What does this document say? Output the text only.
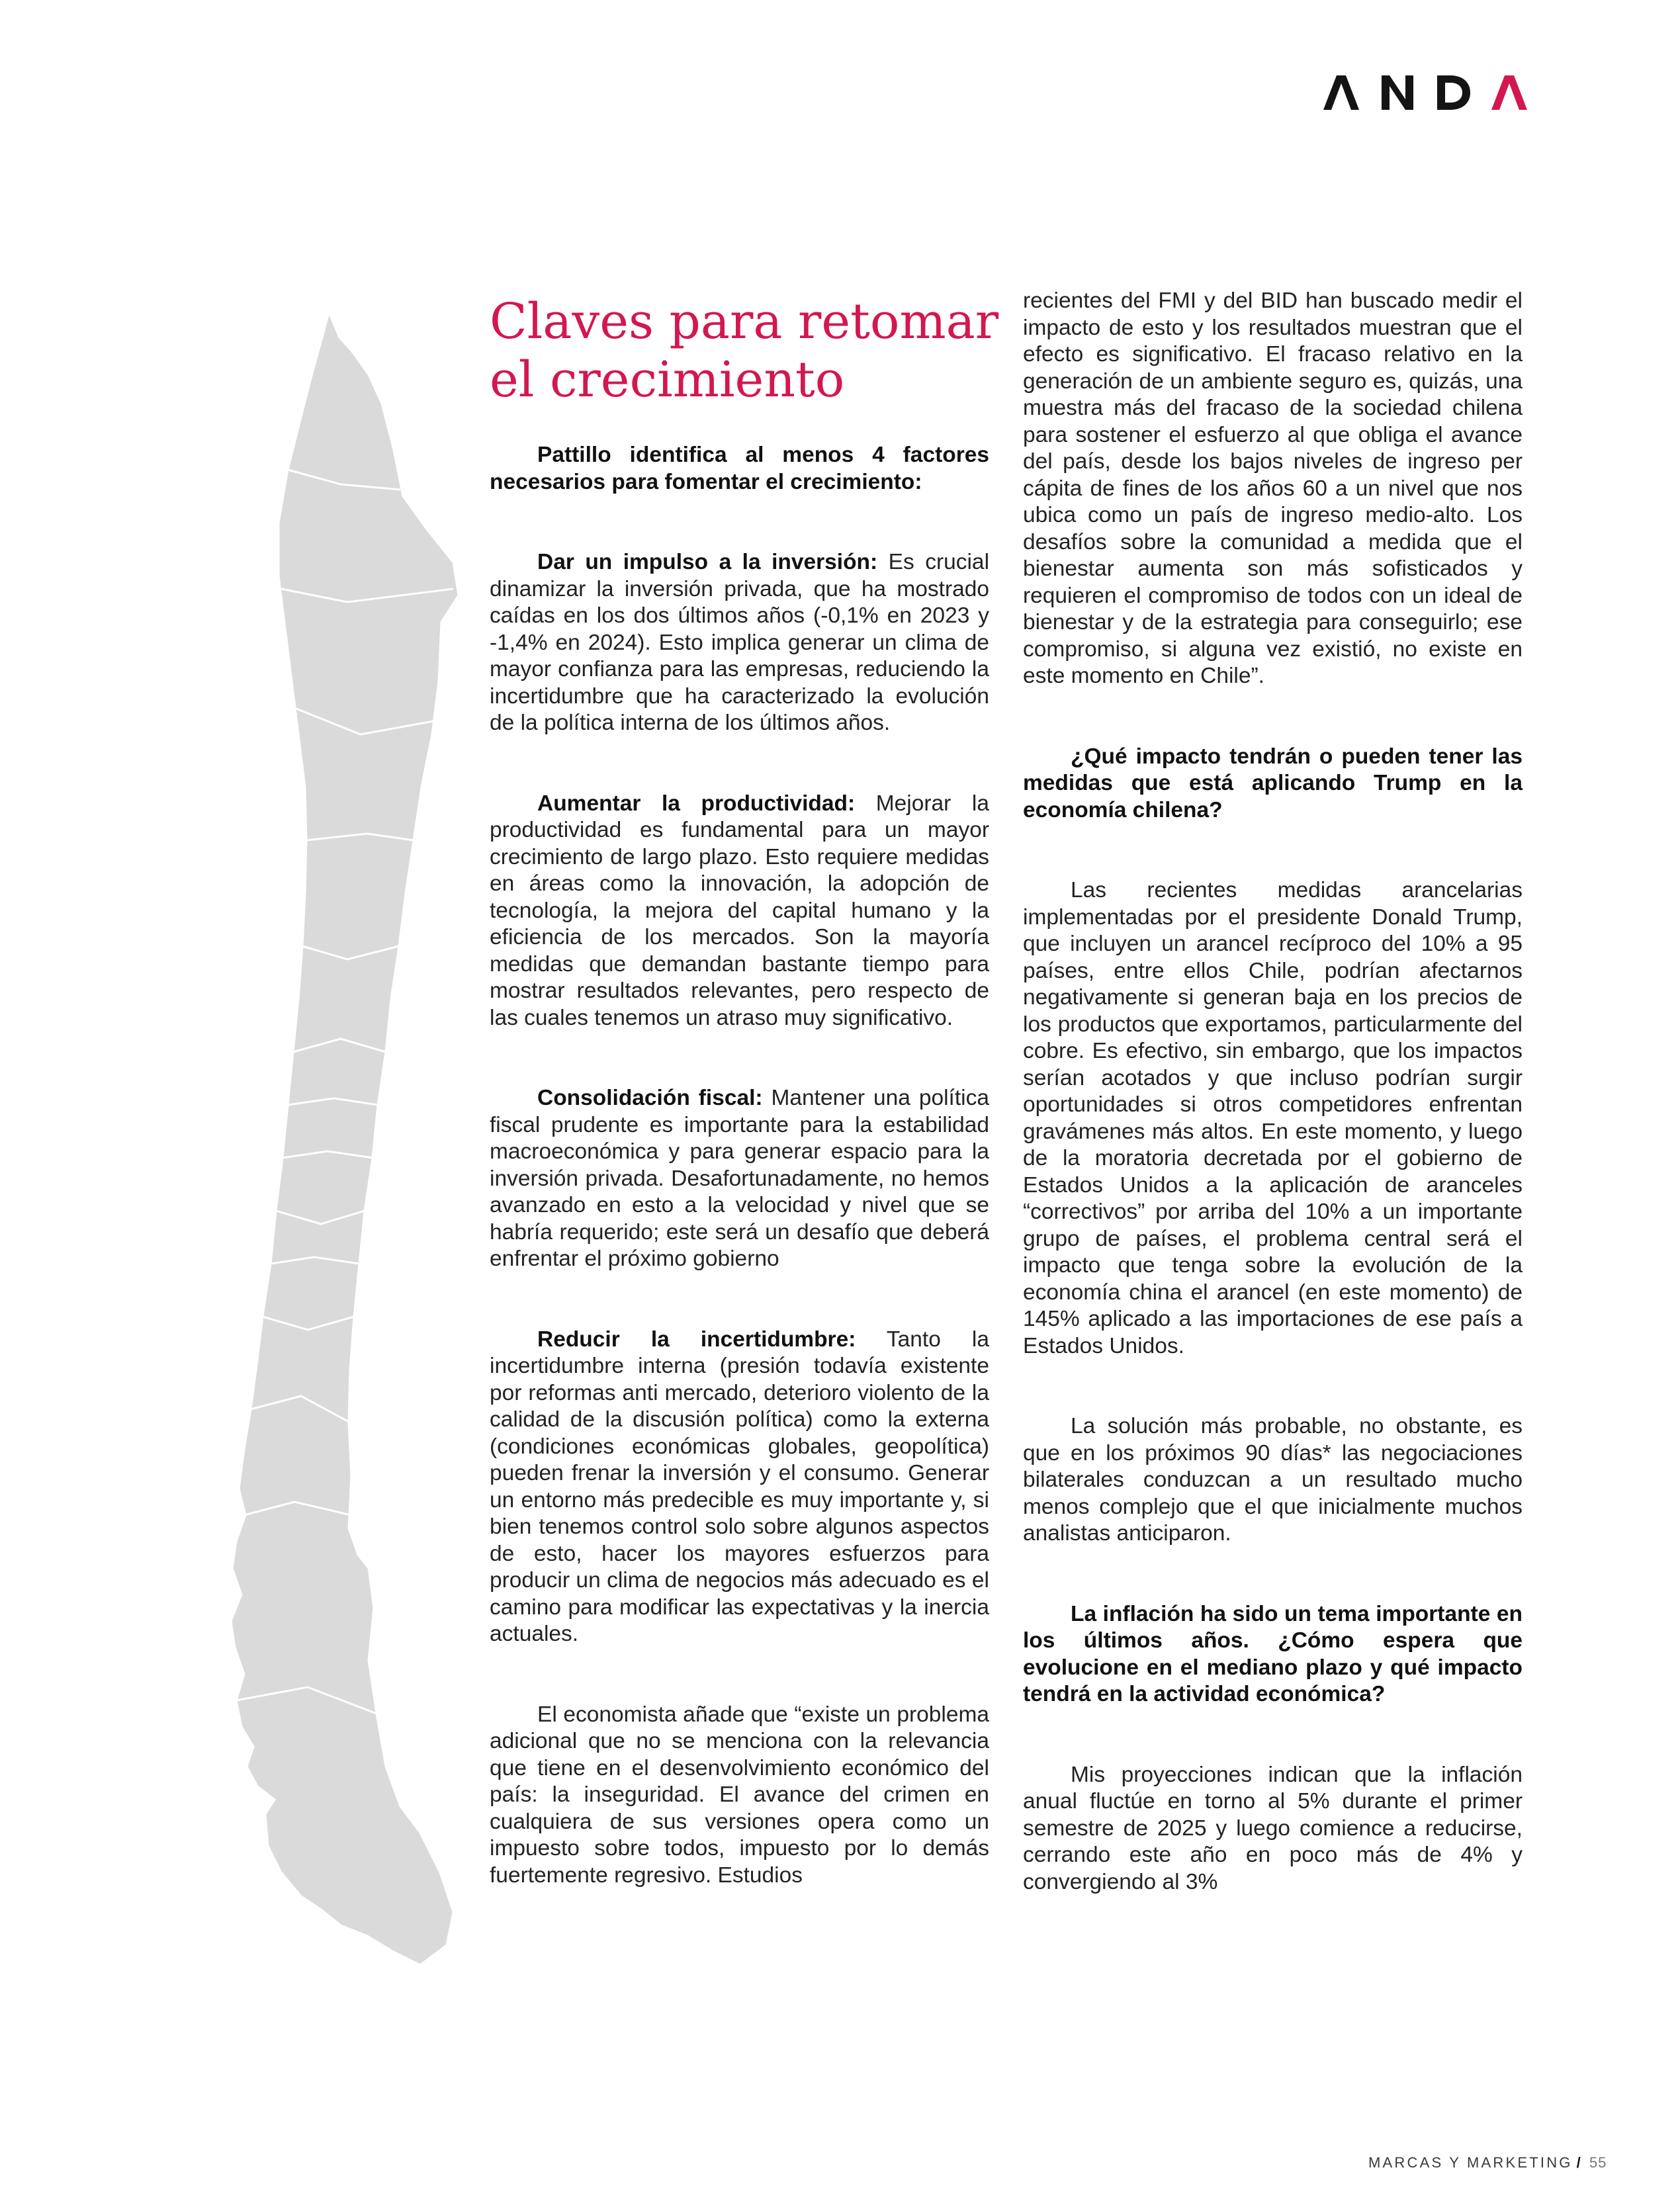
Claves para retomar el crecimiento

Pattillo identifica al menos 4 factores necesarios para fomentar el crecimiento:

Dar un impulso a la inversión: Es crucial dinamizar la inversión privada, que ha mostrado caídas en los dos últimos años (-0,1% en 2023 y -1,4% en 2024). Esto implica generar un clima de mayor confianza para las empresas, reduciendo la incertidumbre que ha caracterizado la evolución de la política interna de los últimos años.

Aumentar la productividad: Mejorar la productividad es fundamental para un mayor crecimiento de largo plazo. Esto requiere medidas en áreas como la innovación, la adopción de tecnología, la mejora del capital humano y la eficiencia de los mercados. Son la mayoría medidas que demandan bastante tiempo para mostrar resultados relevantes, pero respecto de las cuales tenemos un atraso muy significativo.

Consolidación fiscal: Mantener una política fiscal prudente es importante para la estabilidad macroeconómica y para generar espacio para la inversión privada. Desafortunadamente, no hemos avanzado en esto a la velocidad y nivel que se habría requerido; este será un desafío que deberá enfrentar el próximo gobierno

Reducir la incertidumbre: Tanto la incertidumbre interna (presión todavía existente por reformas anti mercado, deterioro violento de la calidad de la discusión política) como la externa (condiciones económicas globales, geopolítica) pueden frenar la inversión y el consumo. Generar un entorno más predecible es muy importante y, si bien tenemos control solo sobre algunos aspectos de esto, hacer los mayores esfuerzos para producir un clima de negocios más adecuado es el camino para modificar las expectativas y la inercia actuales.

El economista añade que “existe un problema adicional que no se menciona con la relevancia que tiene en el desenvolvimiento económico del país: la inseguridad. El avance del crimen en cualquiera de sus versiones opera como un impuesto sobre todos, impuesto por lo demás fuertemente regresivo. Estudios

recientes del FMI y del BID han buscado medir el impacto de esto y los resultados muestran que el efecto es significativo. El fracaso relativo en la generación de un ambiente seguro es, quizás, una muestra más del fracaso de la sociedad chilena para sostener el esfuerzo al que obliga el avance del país, desde los bajos niveles de ingreso per cápita de fines de los años 60 a un nivel que nos ubica como un país de ingreso medio-alto. Los desafíos sobre la comunidad a medida que el bienestar aumenta son más sofisticados y requieren el compromiso de todos con un ideal de bienestar y de la estrategia para conseguirlo; ese compromiso, si alguna vez existió, no existe en este momento en Chile”.

¿Qué impacto tendrán o pueden tener las medidas que está aplicando Trump en la economía chilena?

Las recientes medidas arancelarias implementadas por el presidente Donald Trump, que incluyen un arancel recíproco del 10% a 95 países, entre ellos Chile, podrían afectarnos negativamente si generan baja en los precios de los productos que exportamos, particularmente del cobre. Es efectivo, sin embargo, que los impactos serían acotados y que incluso podrían surgir oportunidades si otros competidores enfrentan gravámenes más altos. En este momento, y luego de la moratoria decretada por el gobierno de Estados Unidos a la aplicación de aranceles “correctivos” por arriba del 10% a un importante grupo de países, el problema central será el impacto que tenga sobre la evolución de la economía china el arancel (en este momento) de 145% aplicado a las importaciones de ese país a Estados Unidos.

La solución más probable, no obstante, es que en los próximos 90 días* las negociaciones bilaterales conduzcan a un resultado mucho menos complejo que el que inicialmente muchos analistas anticiparon.

La inflación ha sido un tema importante en los últimos años. ¿Cómo espera que evolucione en el mediano plazo y qué impacto tendrá en la actividad económica?

Mis proyecciones indican que la inflación anual fluctúe en torno al 5% durante el primer semestre de 2025 y luego comience a reducirse, cerrando este año en poco más de 4% y convergiendo al 3%

MARCAS Y MARKETING / 55
